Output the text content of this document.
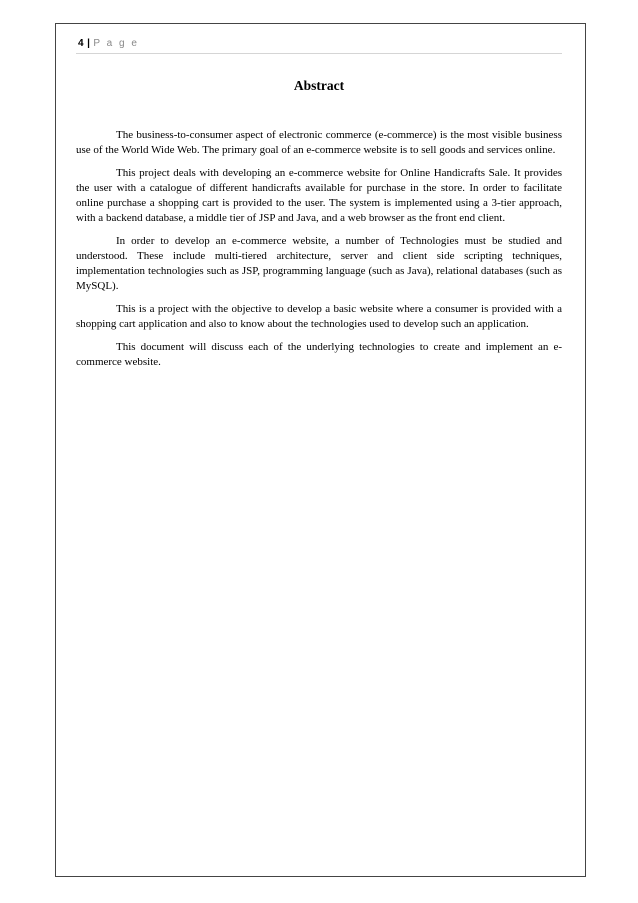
4 | P a g e
Abstract

The business-to-consumer aspect of electronic commerce (e-commerce) is the most visible business use of the World Wide Web. The primary goal of an e-commerce website is to sell goods and services online.

This project deals with developing an e-commerce website for Online Handicrafts Sale. It provides the user with a catalogue of different handicrafts available for purchase in the store. In order to facilitate online purchase a shopping cart is provided to the user. The system is implemented using a 3-tier approach, with a backend database, a middle tier of JSP and Java, and a web browser as the front end client.

In order to develop an e-commerce website, a number of Technologies must be studied and understood. These include multi-tiered architecture, server and client side scripting techniques, implementation technologies such as JSP, programming language (such as Java), relational databases (such as MySQL).

This is a project with the objective to develop a basic website where a consumer is provided with a shopping cart application and also to know about the technologies used to develop such an application.

This document will discuss each of the underlying technologies to create and implement an e-commerce website.
